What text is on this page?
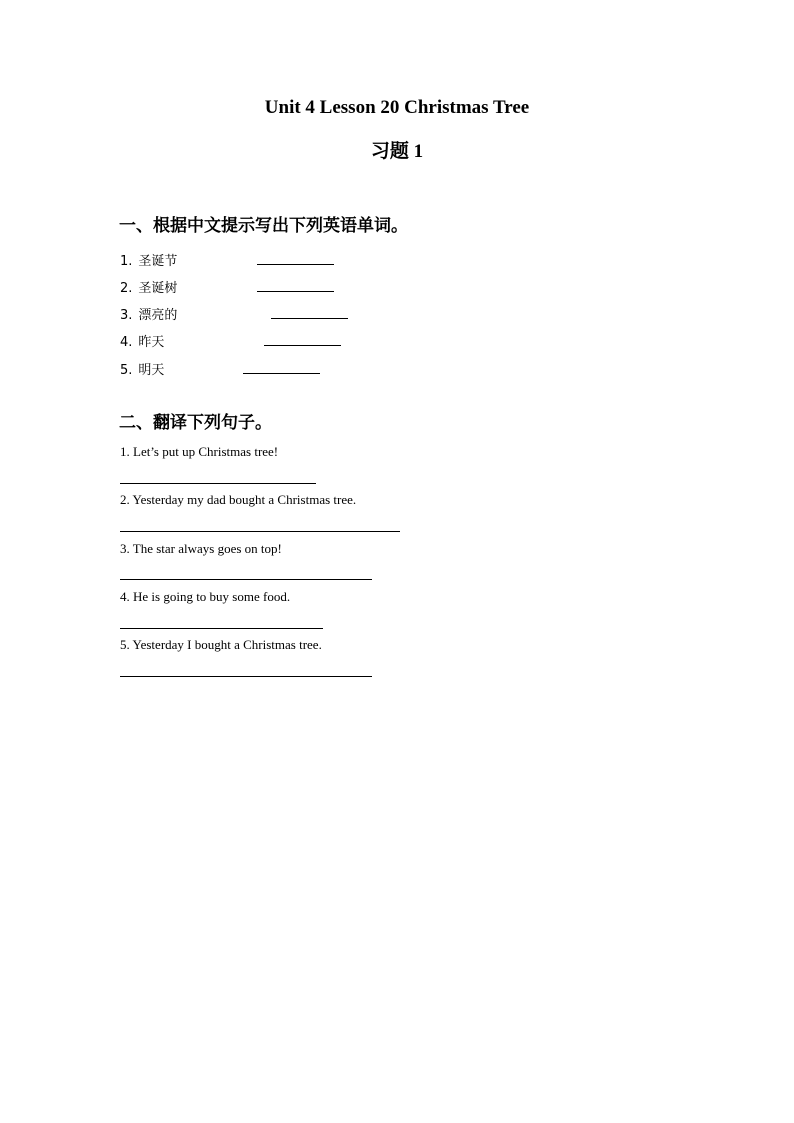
Unit 4 Lesson 20 Christmas Tree
习题 1
一、根据中文提示写出下列英语单词。
1. 圣诞节
2. 圣诞树
3. 漂亮的
4. 昨天
5. 明天
二、翻译下列句子。
1. Let’s put up Christmas tree!
2. Yesterday my dad bought a Christmas tree.
3. The star always goes on top!
4. He is going to buy some food.
5. Yesterday I bought a Christmas tree.
